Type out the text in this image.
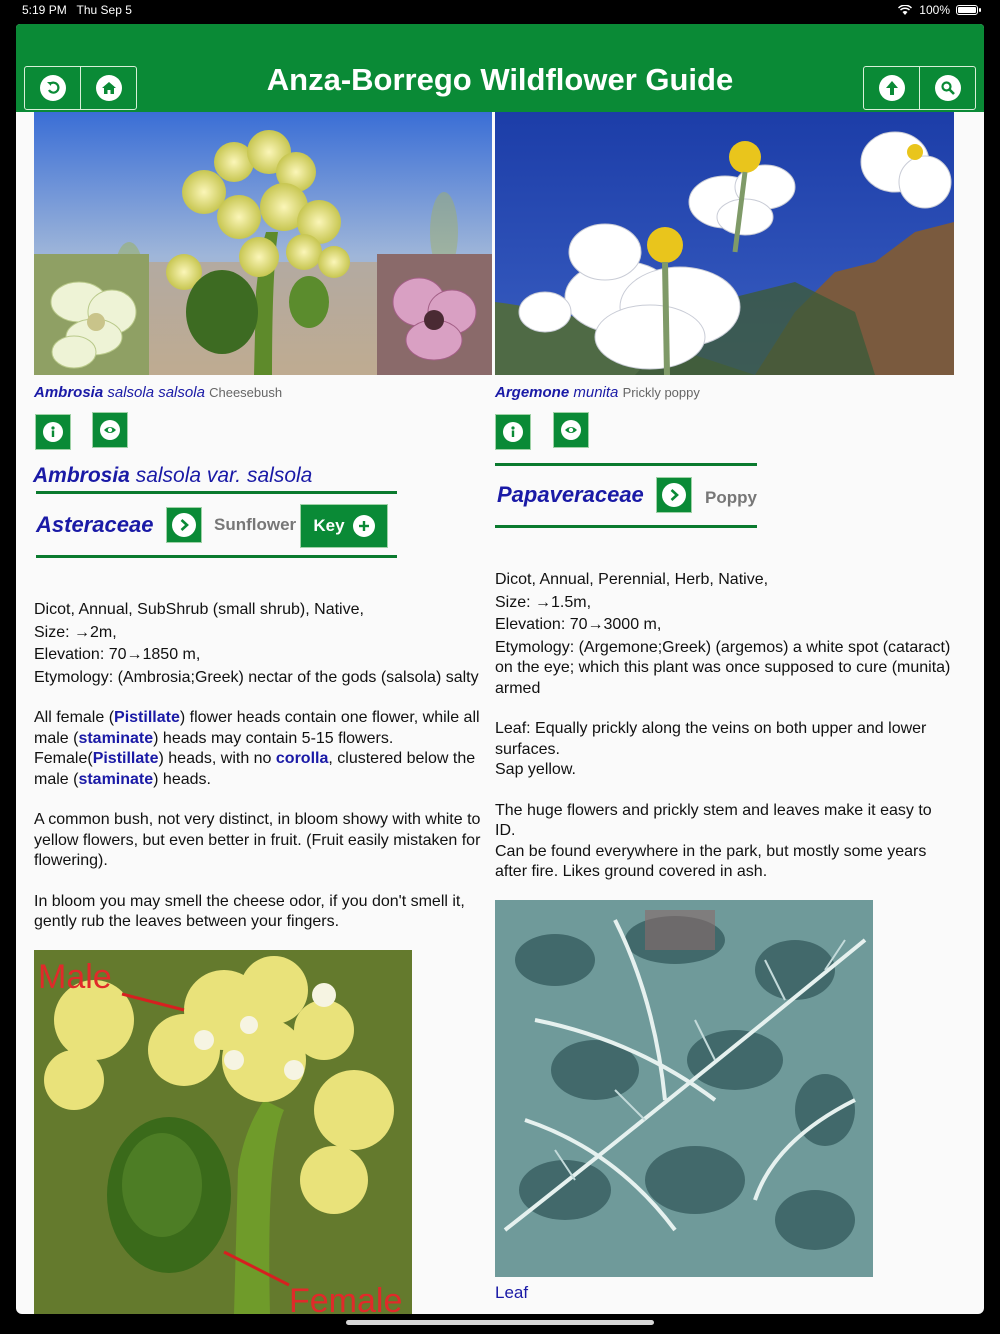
5:19 PM Thu Sep 5	100%
Anza-Borrego Wildflower Guide
Ambrosia salsola salsola Cheesebush
Ambrosia salsola var. salsola
Asteraceae	Sunflower Key

Dicot, Annual, SubShrub (small shrub), Native,

Size: →2m,

Elevation: 70→1850 m,

Etymology: (Ambrosia;Greek) nectar of the gods (salsola) salty

All female (Pistillate) flower heads contain one flower, while all male (staminate) heads may contain 5-15 flowers. Female(Pistillate) heads, with no corolla, clustered below the male (staminate) heads.

A common bush, not very distinct, in bloom showy with white to yellow flowers, but even better in fruit. (Fruit easily mistaken for flowering).

In bloom you may smell the cheese odor, if you don't smell it, gently rub the leaves between your fingers.

Male
Female
Argemone munita Prickly poppy
Papaveraceae	Poppy

Dicot, Annual, Perennial, Herb, Native,

Size: →1.5m,

Elevation: 70→3000 m,

Etymology: (Argemone;Greek) (argemos) a white spot (cataract) on the eye; which this plant was once supposed to cure (munita) armed

Leaf: Equally prickly along the veins on both upper and lower surfaces.

Sap yellow.

The huge flowers and prickly stem and leaves make it easy to ID.

Can be found everywhere in the park, but mostly some years after fire. Likes ground covered in ash.

Leaf
